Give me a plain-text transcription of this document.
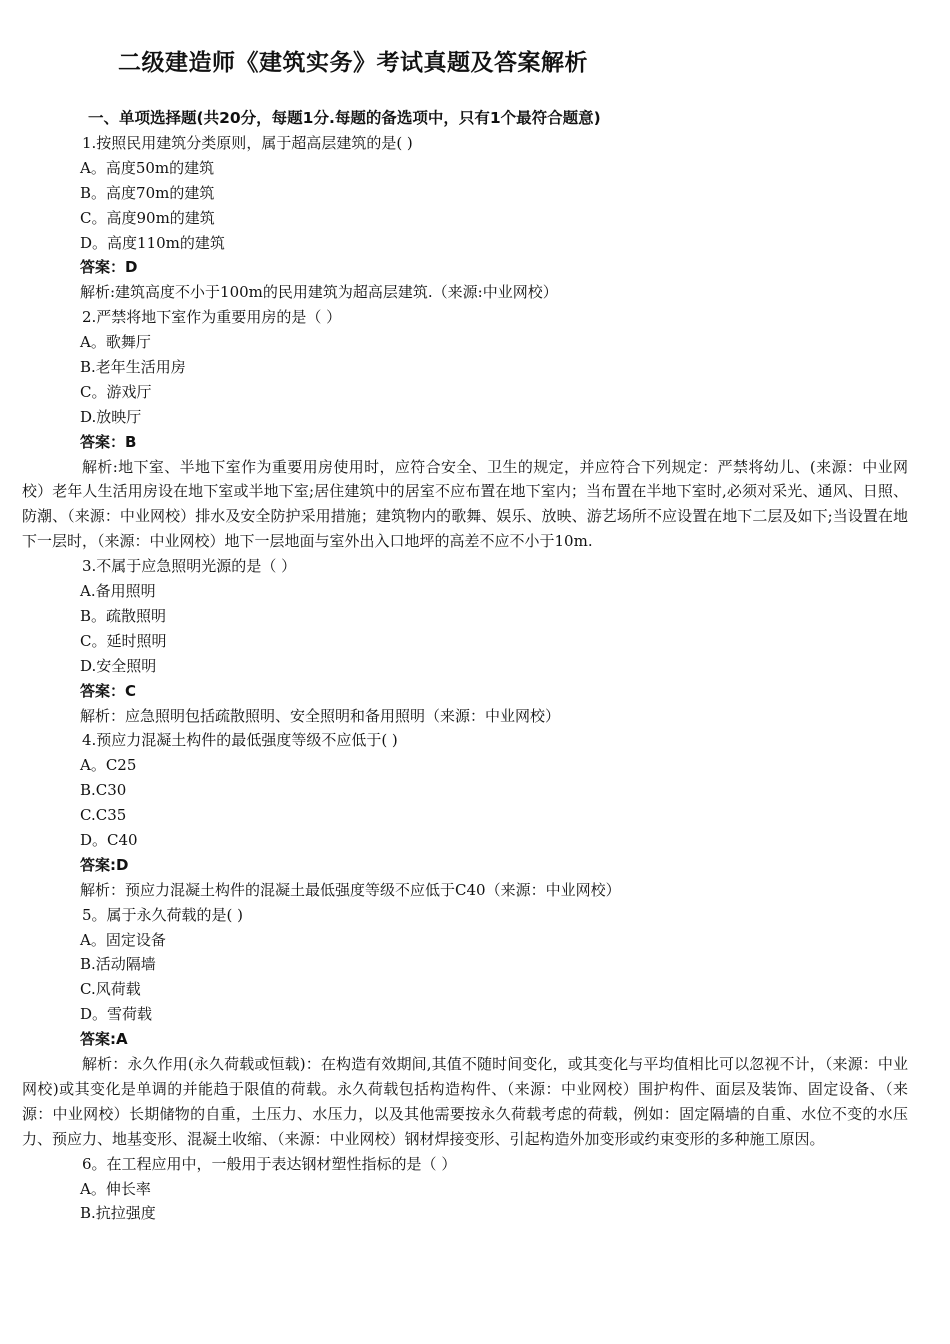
二级建造师《建筑实务》考试真题及答案解析
一、单项选择题(共20分，每题1分.每题的备选项中，只有1个最符合题意)
1.按照民用建筑分类原则，属于超高层建筑的是( )
A。高度50m的建筑
B。高度70m的建筑
C。高度90m的建筑
D。高度110m的建筑
答案：D
解析:建筑高度不小于100m的民用建筑为超高层建筑.（来源:中业网校）
2.严禁将地下室作为重要用房的是（ ）
A。歌舞厅
B.老年生活用房
C。游戏厅
D.放映厅
答案：B
解析:地下室、半地下室作为重要用房使用时，应符合安全、卫生的规定，并应符合下列规定：严禁将幼儿、(来源：中业网校）老年人生活用房设在地下室或半地下室;居住建筑中的居室不应布置在地下室内；当布置在半地下室时,必须对采光、通风、日照、防潮、（来源：中业网校）排水及安全防护采用措施；建筑物内的歌舞、娱乐、放映、游艺场所不应设置在地下二层及如下;当设置在地下一层时，（来源：中业网校）地下一层地面与室外出入口地坪的高差不应不小于10m.
3.不属于应急照明光源的是（ ）
A.备用照明
B。疏散照明
C。延时照明
D.安全照明
答案：C
解析：应急照明包括疏散照明、安全照明和备用照明（来源：中业网校）
4.预应力混凝土构件的最低强度等级不应低于( )
A。C25
B.C30
C.C35
D。C40
答案:D
解析：预应力混凝土构件的混凝土最低强度等级不应低于C40（来源：中业网校）
5。属于永久荷载的是( )
A。固定设备
B.活动隔墙
C.风荷载
D。雪荷载
答案:A
解析：永久作用(永久荷载或恒载)：在构造有效期间,其值不随时间变化，或其变化与平均值相比可以忽视不计，（来源：中业网校)或其变化是单调的并能趋于限值的荷载。永久荷载包括构造构件、（来源：中业网校）围护构件、面层及装饰、固定设备、（来源：中业网校）长期储物的自重，土压力、水压力，以及其他需要按永久荷载考虑的荷载，例如：固定隔墙的自重、水位不变的水压力、预应力、地基变形、混凝土收缩、（来源：中业网校）钢材焊接变形、引起构造外加变形或约束变形的多种施工原因。
6。在工程应用中，一般用于表达钢材塑性指标的是（ ）
A。伸长率
B.抗拉强度
